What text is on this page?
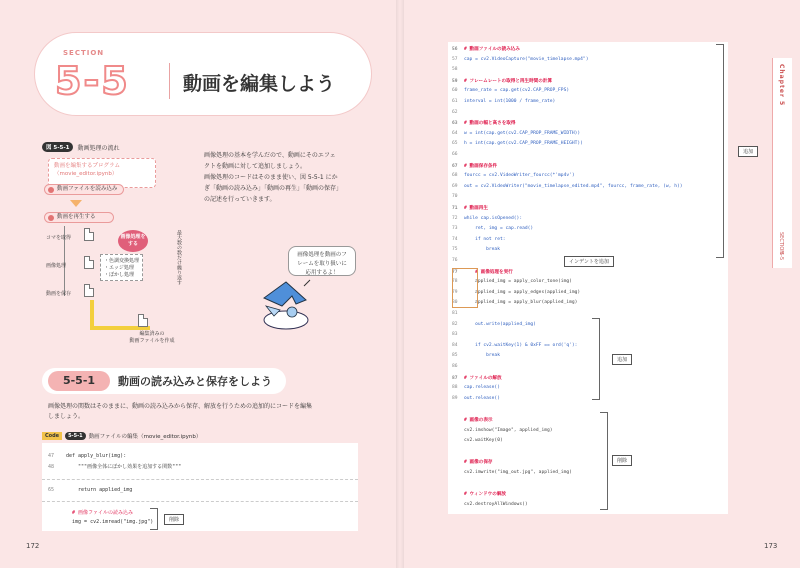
SECTION
5-5	動画を編集しよう
図 5-5-1	動画処理の流れ
動画を編集するプログラム
（movie_editor.ipynb）
動画ファイルを読み込み
動画を再生する
コマを取得
画像処理
動画を保存
画像処理を
する
・色調変換処理
・エッジ処理
・ぼかし処理	最大数の数だけ繰り返す
編集済みの
動画ファイルを作成
画像処理の基本を学んだので、動画にそのエフェ
クトを動画に対して追加しましょう。
画像処理のコードはそのまま使い、図 5-5-1 にか
ぎ「動画の読み込み」「動画の再生」「動画の保存」
の記述を行っていきます。
画像処理を動画のフレームを取り扱いに応用するよ！
5-5-1	動画の読み込みと保存をしよう
画像処理の関数はそのままに、動画の読み込みから保存、解放を行うための追加的にコードを編集
しましょう。
Code	5-5-1	動画ファイルの編集（movie_editor.ipynb）
47 def apply_blur(img):
48    """画像全体にぼかし効果を追加する関数"""
65    return applied_img
# 画像ファイルの読み込み
img = cv2.imread("img.jpg")	削除
172
56 # 動画ファイルの読み込み
57 cap = cv2.VideoCapture("movie_timelapse.mp4")
58
59 # フレームレートの取得と再生時間の計算
60 frame_rate = cap.get(cv2.CAP_PROP_FPS)
61 interval = int(1000 / frame_rate)
62
63 # 動画の幅と高さを取得
64 w = int(cap.get(cv2.CAP_PROP_FRAME_WIDTH))
65 h = int(cap.get(cv2.CAP_PROP_FRAME_HEIGHT))
66
67 # 動画保存条件
68 fourcc = cv2.VideoWriter_fourcc(*'mp4v')
69 out = cv2.VideoWriter("movie_timelapse_edited.mp4", fourcc, frame_rate, (w, h))
70
71 # 動画再生
72 while cap.isOpened():
73    ret, img = cap.read()
74    if not ret:
75        break
76
77    # 画像処理を実行
78    applied_img = apply_color_tone(img)
79    applied_img = apply_edges(applied_img)
80    applied_img = apply_blur(applied_img)
81
82    out.write(applied_img)
83
84    if cv2.waitKey(1) & 0xFF == ord('q'):
85        break
86
87 # ファイルの解放
88 cap.release()
89 out.release()
# 画像の表示
cv2.imshow("Image", applied_img)
cv2.waitKey(0)
# 画像の保存
cv2.imwrite("img_out.jpg", applied_img)
# ウィンドウの解放
cv2.destroyAllWindows()
追加
インデントを追加
追加
削除
Chapter 5
SECTION
5-5
173
